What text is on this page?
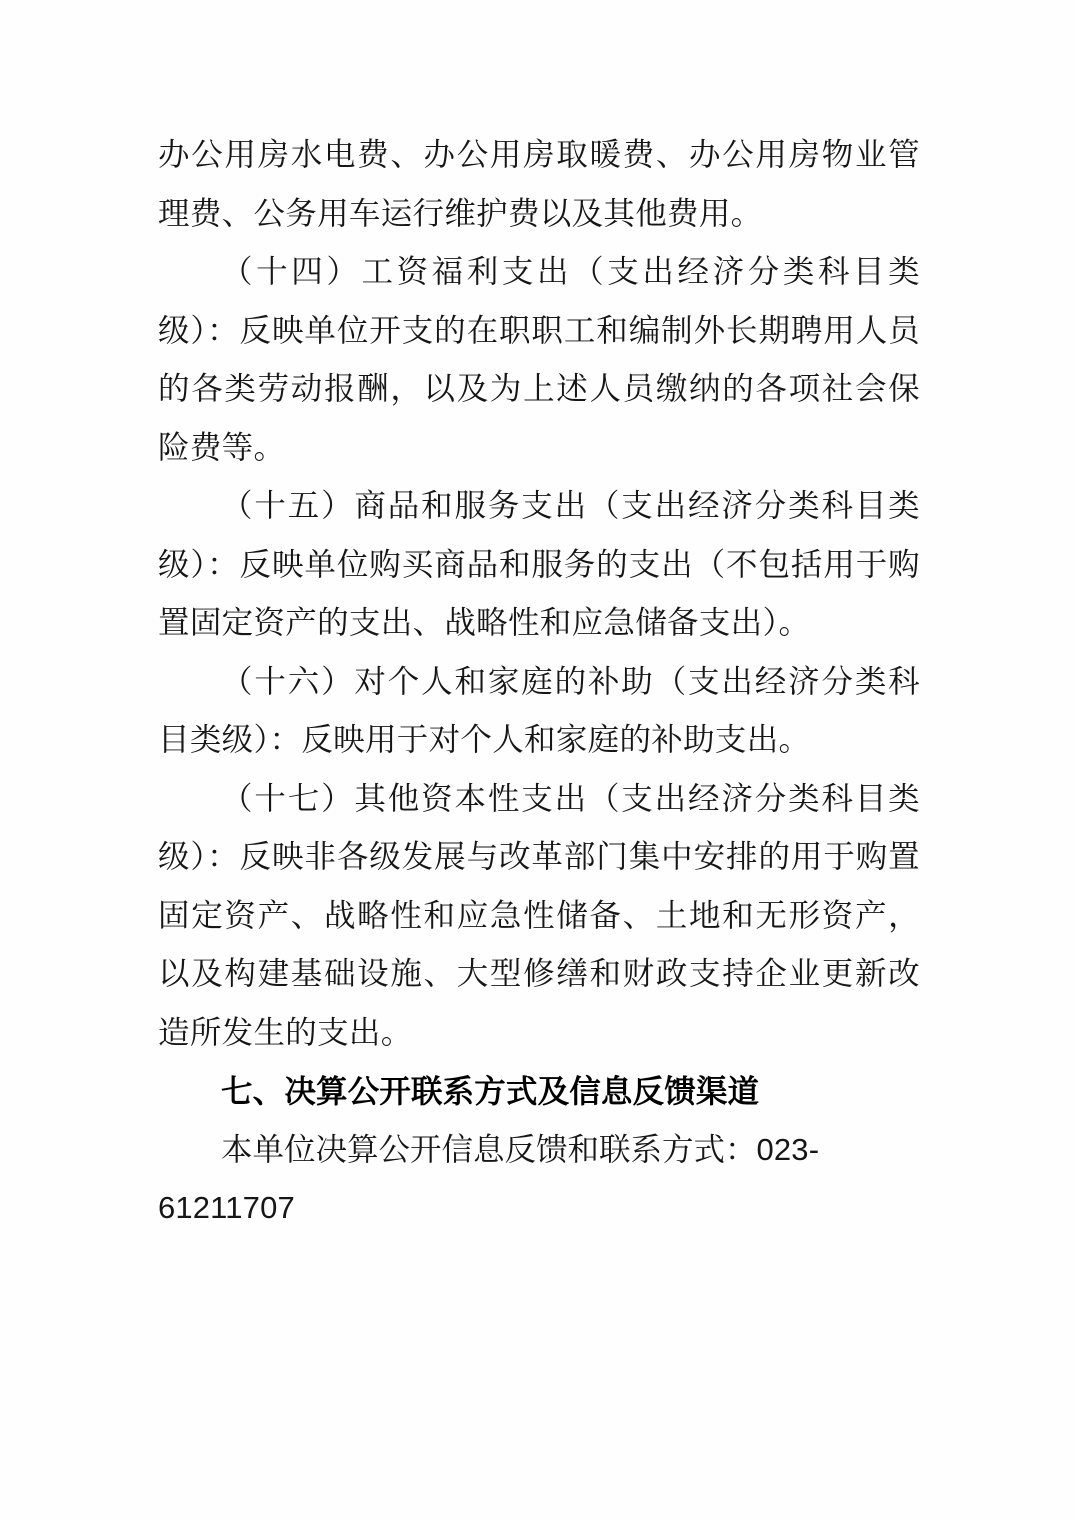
办公用房水电费、办公用房取暖费、办公用房物业管理费、公务用车运行维护费以及其他费用。

（十四）工资福利支出（支出经济分类科目类级）：反映单位开支的在职职工和编制外长期聘用人员的各类劳动报酬，以及为上述人员缴纳的各项社会保险费等。

（十五）商品和服务支出（支出经济分类科目类级）：反映单位购买商品和服务的支出（不包括用于购置固定资产的支出、战略性和应急储备支出）。

（十六）对个人和家庭的补助（支出经济分类科目类级）：反映用于对个人和家庭的补助支出。

（十七）其他资本性支出（支出经济分类科目类级）：反映非各级发展与改革部门集中安排的用于购置固定资产、战略性和应急性储备、土地和无形资产，以及构建基础设施、大型修缮和财政支持企业更新改造所发生的支出。

七、决算公开联系方式及信息反馈渠道

本单位决算公开信息反馈和联系方式：023-61211707
